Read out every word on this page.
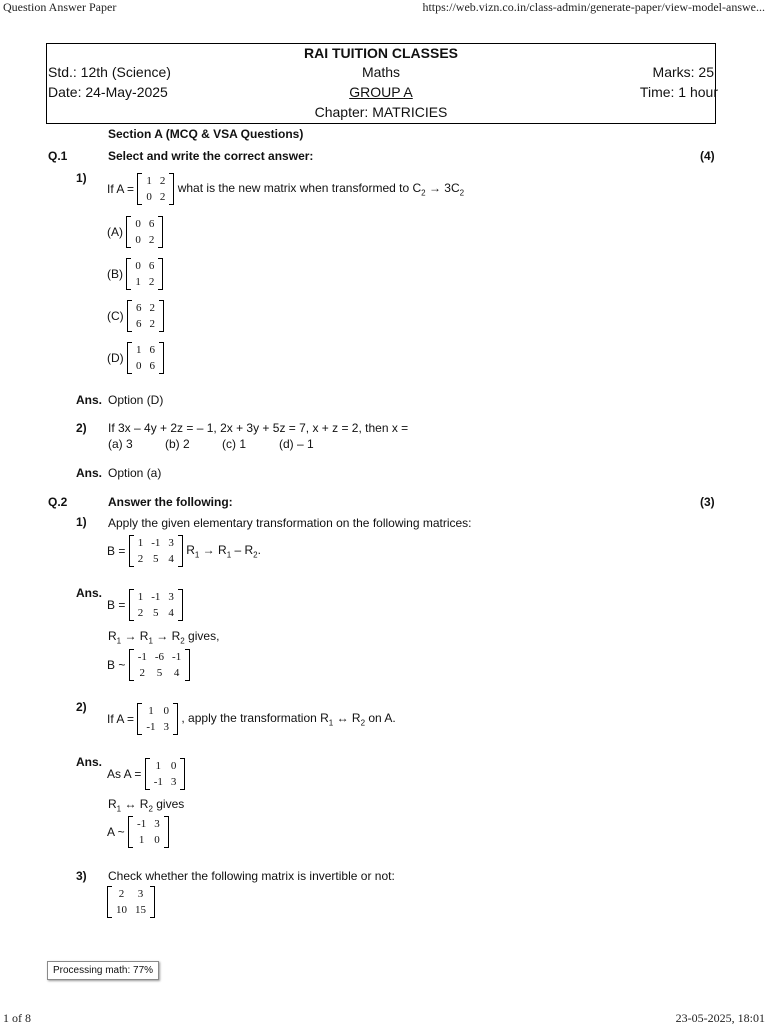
Question Answer Paper	https://web.vizn.co.in/class-admin/generate-paper/view-model-answe...
1 of 8	23-05-2025, 18:01
RAI TUITION CLASSES
Std.: 12th (Science)	Maths	Marks: 25
Date: 24-May-2025	GROUP A	Time: 1 hour
Chapter: MATRICIES
Section A (MCQ & VSA Questions)
Q.1	Select and write the correct answer:	(4)
1)
If A =
1	2
0	2
what is the new matrix when transformed to $C_2 \to 3C_2$
(A)
0	6
0	2
(B)
0	6
1	2
(C)
6	2
6	2
(D)
1	6
0	6
Ans. Option (D)
2) If 3x – 4y + 2z = – 1, 2x + 3y + 5z = 7, x + z = 2, then x =
(a) 3	(b) 2	(c) 1	(d) – 1
Ans. Option (a)
Q.2	Answer the following:	(3)
1) Apply the given elementary transformation on the following matrices:
B =
1	-1	3
2	5	4
$R_1 \to R_1 - R_2$.
Ans.
B =
1	-1	3
2	5	4
$R_1 \to R_1 \to R_2$ gives,
B ~
-1	-6	-1
2	5	4
2)
If A =
1	0
-1	3
, apply the transformation $R_1$ ↔ $R_2$ on A.
Ans.
As A =
1	0
-1	3
$R_1$ ↔ $R_2$ gives
A ~
-1	3
1	0
3) Check whether the following matrix is invertible or not:
2	3
10	15
Processing math: 77%
